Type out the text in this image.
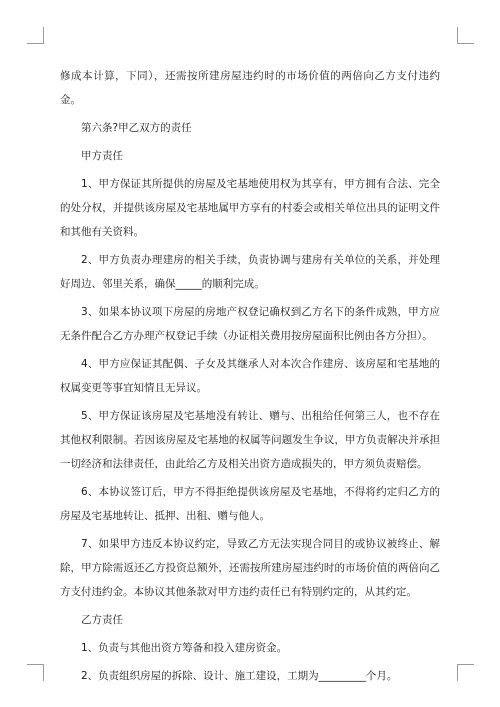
修成本计算，下同），还需按所建房屋违约时的市场价值的两倍向乙方支付违约金。

第六条?甲乙双方的责任

甲方责任

1、甲方保证其所提供的房屋及宅基地使用权为其享有，甲方拥有合法、完全的处分权，并提供该房屋及宅基地属甲方享有的村委会或相关单位出具的证明文件和其他有关资料。

2、甲方负责办理建房的相关手续，负责协调与建房有关单位的关系，并处理好周边、邻里关系，确保_____的顺利完成。

3、如果本协议项下房屋的房地产权登记确权到乙方名下的条件成熟，甲方应无条件配合乙方办理产权登记手续（办证相关费用按房屋面积比例由各方分担）。

4、甲方应保证其配偶、子女及其继承人对本次合作建房、该房屋和宅基地的权属变更等事宜知情且无异议。

5、甲方保证该房屋及宅基地没有转让、赠与、出租给任何第三人，也不存在其他权利限制。若因该房屋及宅基地的权属等问题发生争议，甲方负责解决并承担一切经济和法律责任，由此给乙方及相关出资方造成损失的，甲方须负责赔偿。

6、本协议签订后，甲方不得拒绝提供该房屋及宅基地，不得将约定归乙方的房屋及宅基地转让、抵押、出租、赠与他人。

7、如果甲方违反本协议约定，导致乙方无法实现合同目的或协议被终止、解除，甲方除需返还乙方投资总额外，还需按所建房屋违约时的市场价值的两倍向乙方支付违约金。本协议其他条款对甲方违约责任已有特别约定的，从其约定。

乙方责任

1、负责与其他出资方筹备和投入建房资金。

2、负责组织房屋的拆除、设计、施工建设，工期为_________个月。
